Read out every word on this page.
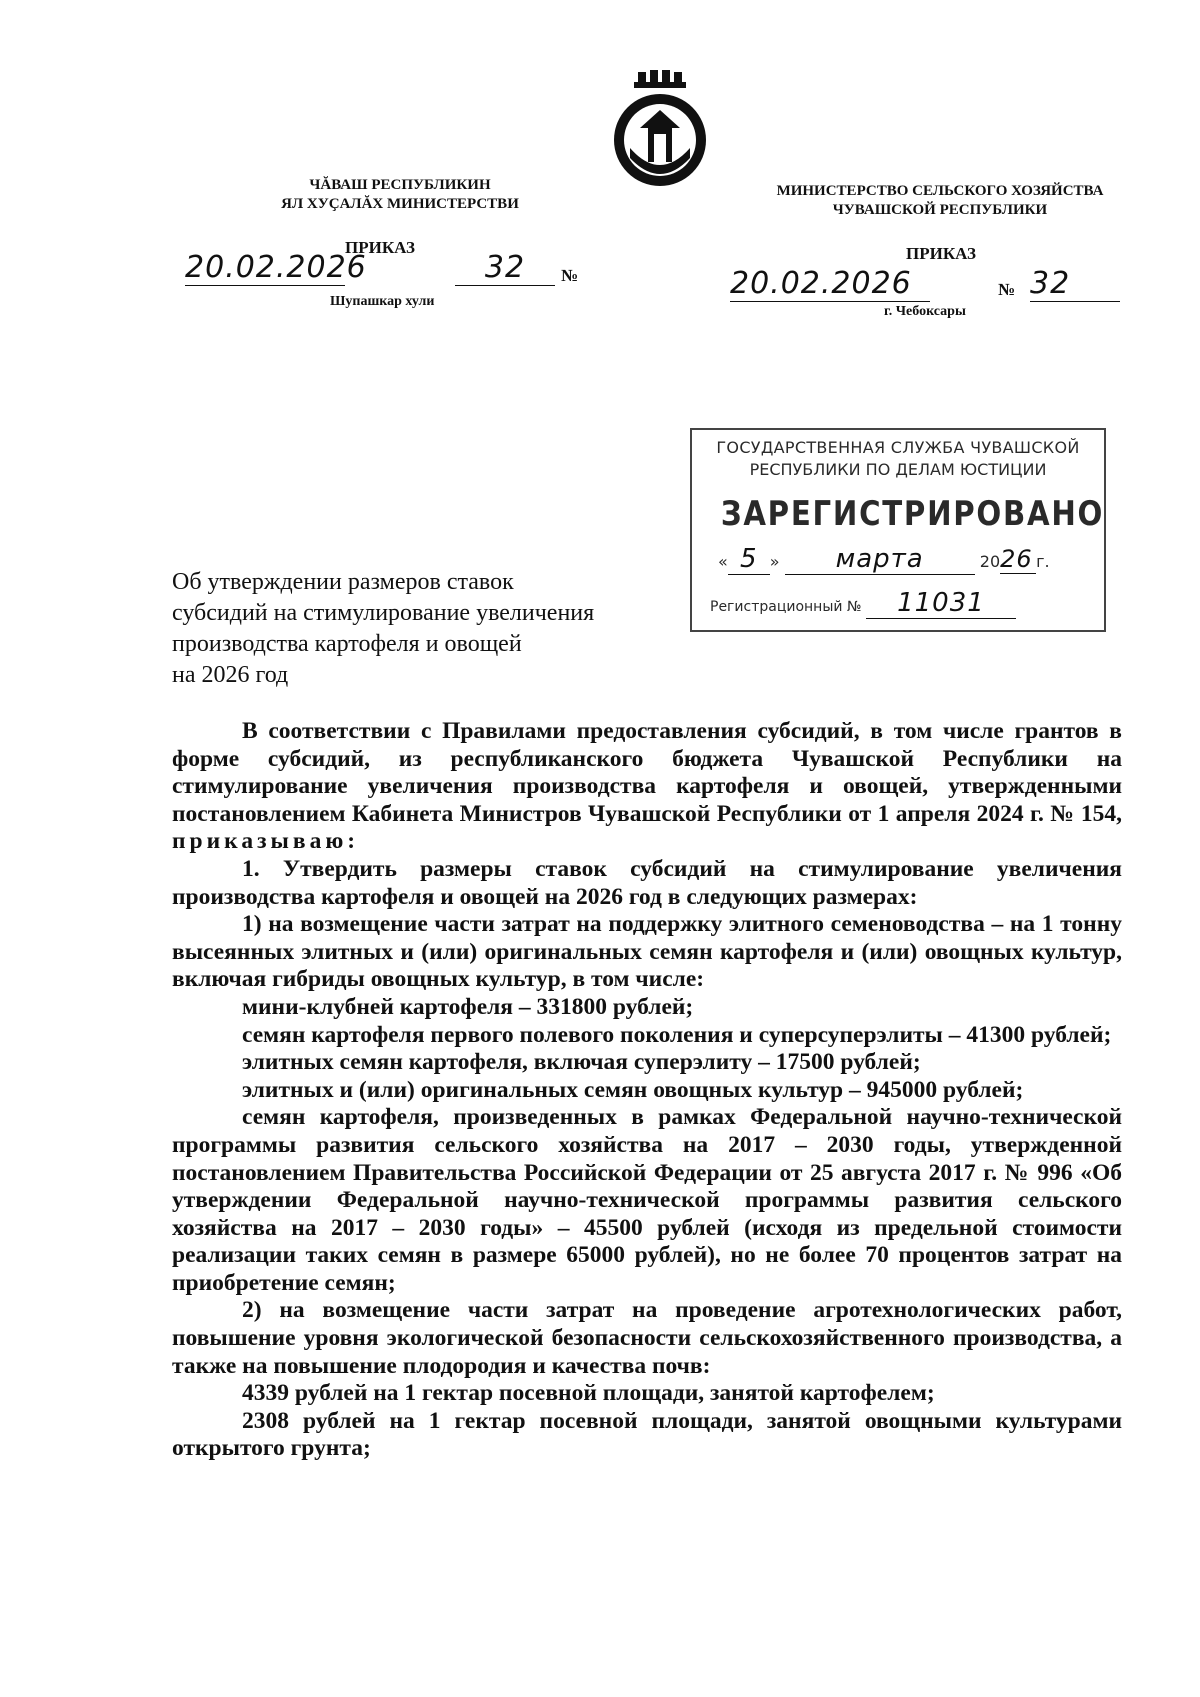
ЧĂВАШ РЕСПУБЛИКИН
ЯЛ ХУҪАЛĂХ МИНИСТЕРСТВИ
ПРИКАЗ
20.02.2026	32	№
Шупашкар хули
МИНИСТЕРСТВО СЕЛЬСКОГО ХОЗЯЙСТВА
ЧУВАШСКОЙ РЕСПУБЛИКИ
ПРИКАЗ
20.02.2026	№ 32
г. Чебоксары
ГОСУДАРСТВЕННАЯ СЛУЖБА ЧУВАШСКОЙ
РЕСПУБЛИКИ ПО ДЕЛАМ ЮСТИЦИИ
ЗАРЕГИСТРИРОВАНО
« 5 » марта	2026 г.
Регистрационный № 11031
Об утверждении размеров ставок
субсидий на стимулирование увеличения
производства картофеля и овощей
на 2026 год

В соответствии с Правилами предоставления субсидий, в том числе грантов в форме субсидий, из республиканского бюджета Чувашской Республики на стимулирование увеличения производства картофеля и овощей, утвержденными постановлением Кабинета Министров Чувашской Республики от 1 апреля 2024 г. № 154, приказываю:

1. Утвердить размеры ставок субсидий на стимулирование увеличения производства картофеля и овощей на 2026 год в следующих размерах:

1) на возмещение части затрат на поддержку элитного семеноводства – на 1 тонну высеянных элитных и (или) оригинальных семян картофеля и (или) овощных культур, включая гибриды овощных культур, в том числе:

мини-клубней картофеля – 331800 рублей;

семян картофеля первого полевого поколения и суперсуперэлиты – 41300 рублей;

элитных семян картофеля, включая суперэлиту – 17500 рублей;

элитных и (или) оригинальных семян овощных культур – 945000 рублей;

семян картофеля, произведенных в рамках Федеральной научно-технической программы развития сельского хозяйства на 2017 – 2030 годы, утвержденной постановлением Правительства Российской Федерации от 25 августа 2017 г. № 996 «Об утверждении Федеральной научно-технической программы развития сельского хозяйства на 2017 – 2030 годы» – 45500 рублей (исходя из предельной стоимости реализации таких семян в размере 65000 рублей), но не более 70 процентов затрат на приобретение семян;

2) на возмещение части затрат на проведение агротехнологических работ, повышение уровня экологической безопасности сельскохозяйственного производства, а также на повышение плодородия и качества почв:

4339 рублей на 1 гектар посевной площади, занятой картофелем;

2308 рублей на 1 гектар посевной площади, занятой овощными культурами открытого грунта;
